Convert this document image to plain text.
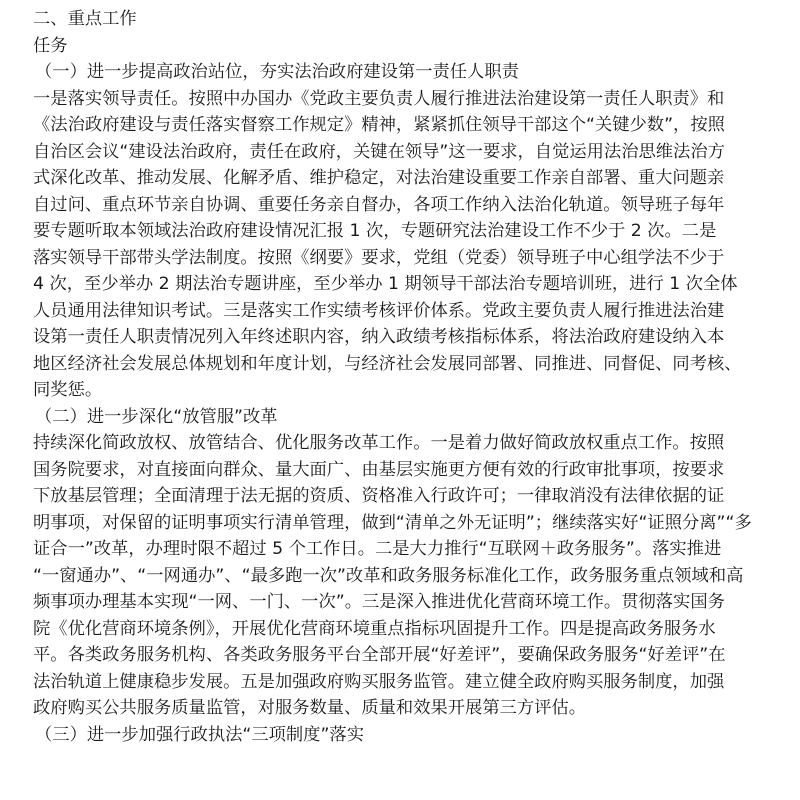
二、重点工作
任务
（一）进一步提高政治站位，夯实法治政府建设第一责任人职责
一是落实领导责任。按照中办国办《党政主要负责人履行推进法治建设第一责任人职责》和
《法治政府建设与责任落实督察工作规定》精神，紧紧抓住领导干部这个“关键少数”，按照
自治区会议“建设法治政府，责任在政府，关键在领导”这一要求，自觉运用法治思维法治方
式深化改革、推动发展、化解矛盾、维护稳定，对法治建设重要工作亲自部署、重大问题亲
自过问、重点环节亲自协调、重要任务亲自督办，各项工作纳入法治化轨道。领导班子每年
要专题听取本领域法治政府建设情况汇报 1 次，专题研究法治建设工作不少于 2 次。二是
落实领导干部带头学法制度。按照《纲要》要求，党组（党委）领导班子中心组学法不少于
4 次，至少举办 2 期法治专题讲座，至少举办 1 期领导干部法治专题培训班，进行 1 次全体
人员通用法律知识考试。三是落实工作实绩考核评价体系。党政主要负责人履行推进法治建
设第一责任人职责情况列入年终述职内容，纳入政绩考核指标体系，将法治政府建设纳入本
地区经济社会发展总体规划和年度计划，与经济社会发展同部署、同推进、同督促、同考核、
同奖惩。
（二）进一步深化“放管服”改革
持续深化简政放权、放管结合、优化服务改革工作。一是着力做好简政放权重点工作。按照
国务院要求，对直接面向群众、量大面广、由基层实施更方便有效的行政审批事项，按要求
下放基层管理；全面清理于法无据的资质、资格准入行政许可；一律取消没有法律依据的证
明事项，对保留的证明事项实行清单管理，做到“清单之外无证明”；继续落实好“证照分离”“多
证合一”改革，办理时限不超过 5 个工作日。二是大力推行“互联网＋政务服务”。落实推进
“一窗通办”、“一网通办”、“最多跑一次”改革和政务服务标准化工作，政务服务重点领域和高
频事项办理基本实现“一网、一门、一次”。三是深入推进优化营商环境工作。贯彻落实国务
院《优化营商环境条例》，开展优化营商环境重点指标巩固提升工作。四是提高政务服务水
平。各类政务服务机构、各类政务服务平台全部开展“好差评”，要确保政务服务“好差评”在
法治轨道上健康稳步发展。五是加强政府购买服务监管。建立健全政府购买服务制度，加强
政府购买公共服务质量监管，对服务数量、质量和效果开展第三方评估。
（三）进一步加强行政执法“三项制度”落实
